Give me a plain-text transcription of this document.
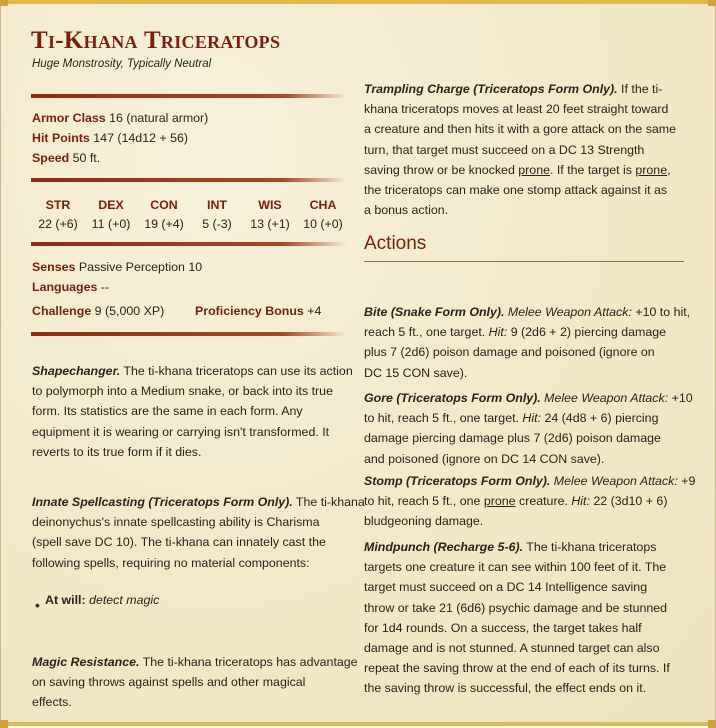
Ti-Khana Triceratops
Huge Monstrosity, Typically Neutral
Armor Class 16 (natural armor)
Hit Points 147 (14d12 + 56)
Speed 50 ft.
STR
22 (+6)
DEX
11 (+0)
CON
19 (+4)
INT
5 (-3)
WIS
13 (+1)
CHA
10 (+0)
Senses Passive Perception 10
Languages --
Challenge 9 (5,000 XP) Proficiency Bonus +4
Shapechanger. The ti-khana triceratops can use its action
to polymorph into a Medium snake, or back into its true
form. Its statistics are the same in each form. Any
equipment it is wearing or carrying isn't transformed. It
reverts to its true form if it dies.
Innate Spellcasting (Triceratops Form Only). The ti-khana
deinonychus's innate spellcasting ability is Charisma
(spell save DC 10). The ti-khana can innately cast the
following spells, requiring no material components:
• At will: detect magic
Magic Resistance. The ti-khana triceratops has advantage
on saving throws against spells and other magical
effects.
Trampling Charge (Triceratops Form Only). If the ti-
khana triceratops moves at least 20 feet straight toward
a creature and then hits it with a gore attack on the same
turn, that target must succeed on a DC 13 Strength
saving throw or be knocked prone. If the target is prone,
the triceratops can make one stomp attack against it as
a bonus action.
Actions
Bite (Snake Form Only). Melee Weapon Attack: +10 to hit,
reach 5 ft., one target. Hit: 9 (2d6 + 2) piercing damage
plus 7 (2d6) poison damage and poisoned (ignore on
DC 15 CON save).
Gore (Triceratops Form Only). Melee Weapon Attack: +10
to hit, reach 5 ft., one target. Hit: 24 (4d8 + 6) piercing
damage piercing damage plus 7 (2d6) poison damage
and poisoned (ignore on DC 14 CON save).
Stomp (Triceratops Form Only). Melee Weapon Attack: +9
to hit, reach 5 ft., one prone creature. Hit: 22 (3d10 + 6)
bludgeoning damage.
Mindpunch (Recharge 5-6). The ti-khana triceratops
targets one creature it can see within 100 feet of it. The
target must succeed on a DC 14 Intelligence saving
throw or take 21 (6d6) psychic damage and be stunned
for 1d4 rounds. On a success, the target takes half
damage and is not stunned. A stunned target can also
repeat the saving throw at the end of each of its turns. If
the saving throw is successful, the effect ends on it.
